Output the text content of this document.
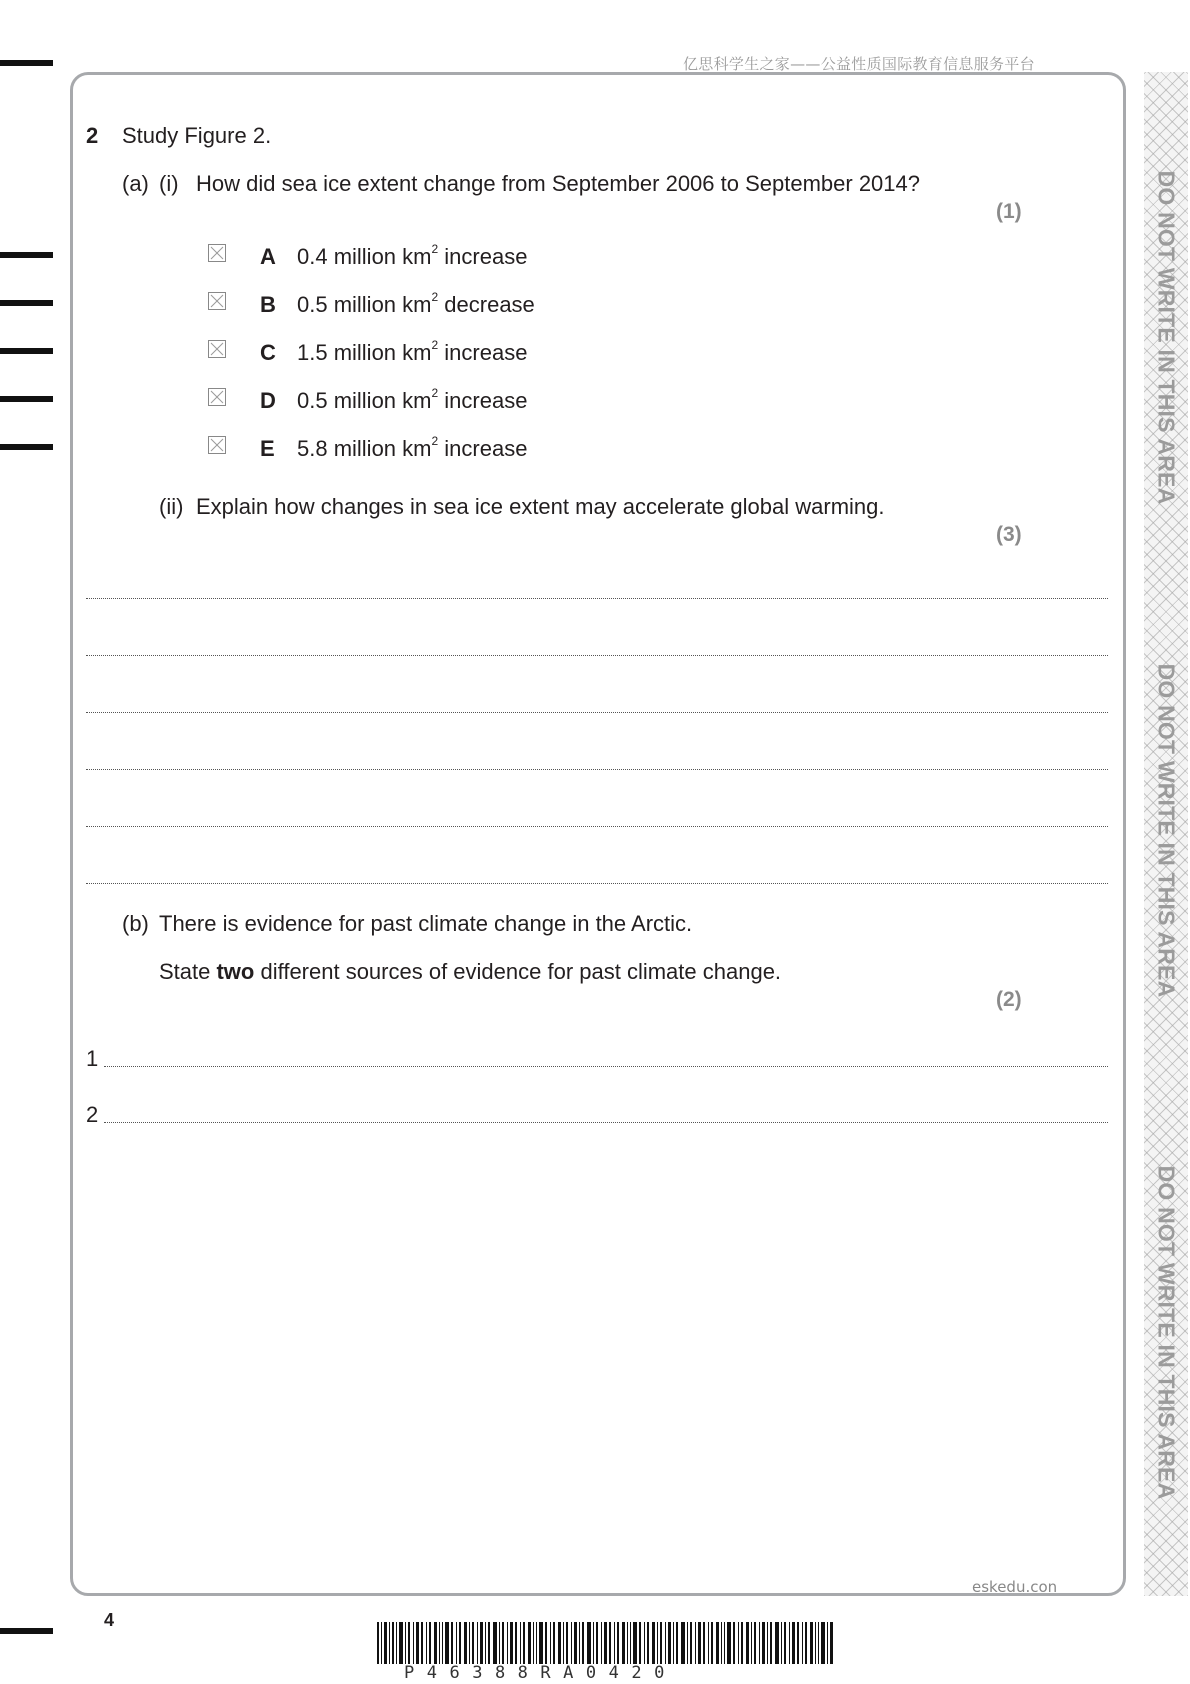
亿思科学生之家——公益性质国际教育信息服务平台
DO NOT WRITE IN THIS AREA
DO NOT WRITE IN THIS AREA
DO NOT WRITE IN THIS AREA
2 Study Figure 2.
(a) (i) How did sea ice extent change from September 2006 to September 2014?
(1)
A 0.4 million $km^2$ increase
B 0.5 million $km^2$ decrease
C 1.5 million $km^2$ increase
D 0.5 million $km^2$ increase
E 5.8 million $km^2$ increase
(ii) Explain how changes in sea ice extent may accelerate global warming.
(3)
(b) There is evidence for past climate change in the Arctic.
State two different sources of evidence for past climate change.
(2)
1
2
eskedu.con
4
P46388RA0420
